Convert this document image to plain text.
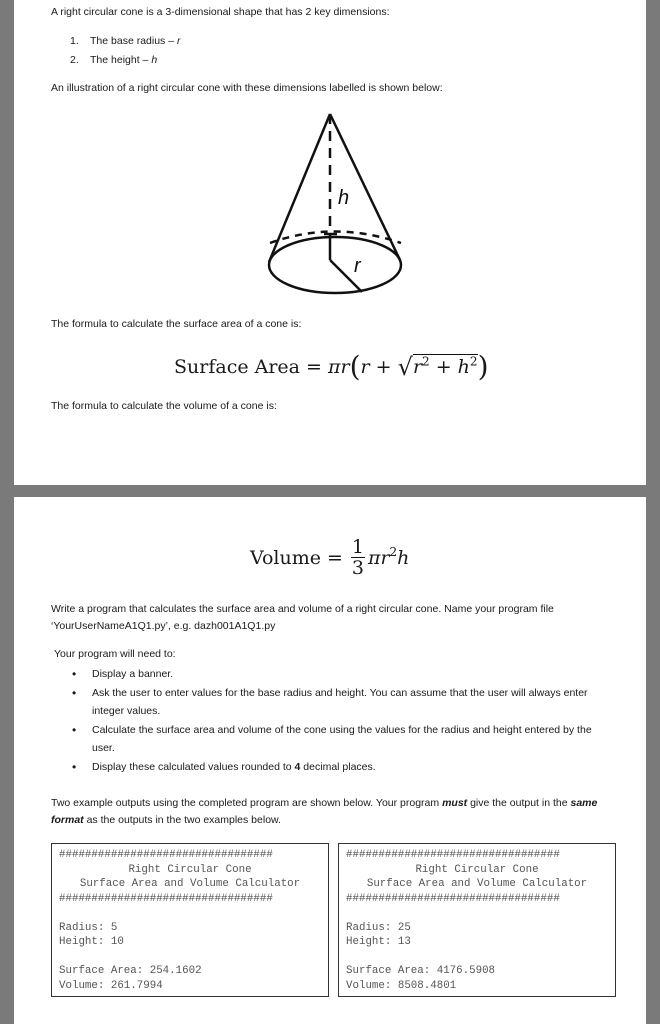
A right circular cone is a 3-dimensional shape that has 2 key dimensions:

1. The base radius – r
2. The height – h

An illustration of a right circular cone with these dimensions labelled is shown below:

h
r

The formula to calculate the surface area of a cone is:

Surface Area = $\pi r(r + √r^2 + h^2)$

The formula to calculate the volume of a cone is:

Volume = 1
3 $\pi r^2$ h

Write a program that calculates the surface area and volume of a right circular cone. Name your program file ‘YourUserNameA1Q1.py’, e.g. dazh001A1Q1.py

Your program will need to:

• Display a banner.
• Ask the user to enter values for the base radius and height. You can assume that the user will always enter integer values.
• Calculate the surface area and volume of the cone using the values for the radius and height entered by the user.
• Display these calculated values rounded to 4 decimal places.

Two example outputs using the completed program are shown below. Your program must give the output in the same format as the outputs in the two examples below.

#################################
Right Circular Cone
Surface Area and Volume Calculator
#################################
Radius: 5
Height: 10
Surface Area: 254.1602
Volume: 261.7994
#################################
Right Circular Cone
Surface Area and Volume Calculator
#################################
Radius: 25
Height: 13
Surface Area: 4176.5908
Volume: 8508.4801
